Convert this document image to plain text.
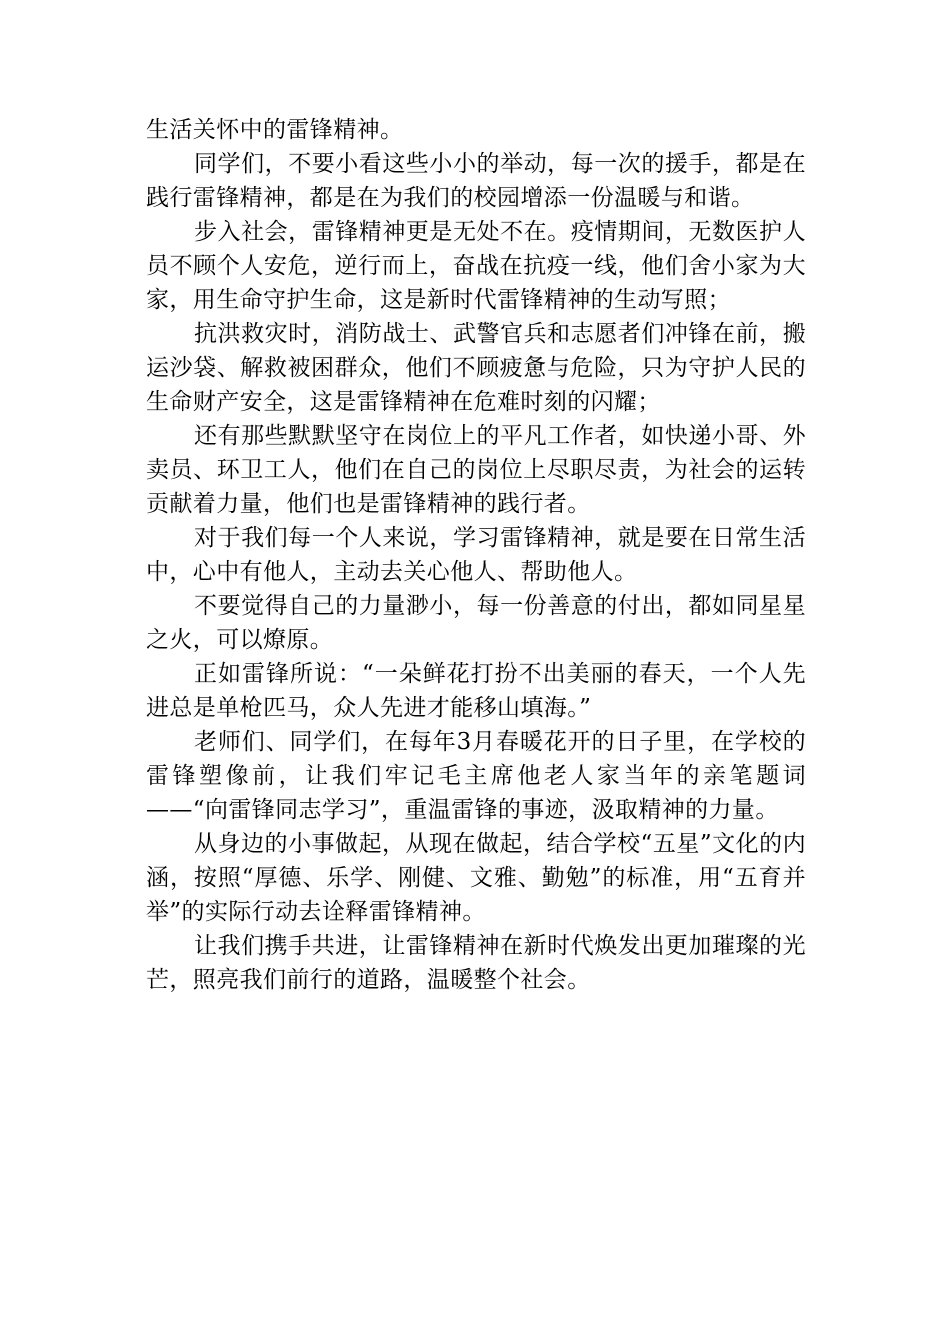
生活关怀中的雷锋精神。

同学们，不要小看这些小小的举动，每一次的援手，都是在践行雷锋精神，都是在为我们的校园增添一份温暖与和谐。

步入社会，雷锋精神更是无处不在。疫情期间，无数医护人员不顾个人安危，逆行而上，奋战在抗疫一线，他们舍小家为大家，用生命守护生命，这是新时代雷锋精神的生动写照；

抗洪救灾时，消防战士、武警官兵和志愿者们冲锋在前，搬运沙袋、解救被困群众，他们不顾疲惫与危险，只为守护人民的生命财产安全，这是雷锋精神在危难时刻的闪耀；

还有那些默默坚守在岗位上的平凡工作者，如快递小哥、外卖员、环卫工人，他们在自己的岗位上尽职尽责，为社会的运转贡献着力量，他们也是雷锋精神的践行者。

对于我们每一个人来说，学习雷锋精神，就是要在日常生活中，心中有他人，主动去关心他人、帮助他人。

不要觉得自己的力量渺小，每一份善意的付出，都如同星星之火，可以燎原。

正如雷锋所说：“一朵鲜花打扮不出美丽的春天，一个人先进总是单枪匹马，众人先进才能移山填海。”

老师们、同学们，在每年3月春暖花开的日子里，在学校的雷锋塑像前，让我们牢记毛主席他老人家当年的亲笔题词——“向雷锋同志学习”，重温雷锋的事迹，汲取精神的力量。

从身边的小事做起，从现在做起，结合学校“五星”文化的内涵，按照“厚德、乐学、刚健、文雅、勤勉”的标准，用“五育并举”的实际行动去诠释雷锋精神。

让我们携手共进，让雷锋精神在新时代焕发出更加璀璨的光芒，照亮我们前行的道路，温暖整个社会。
